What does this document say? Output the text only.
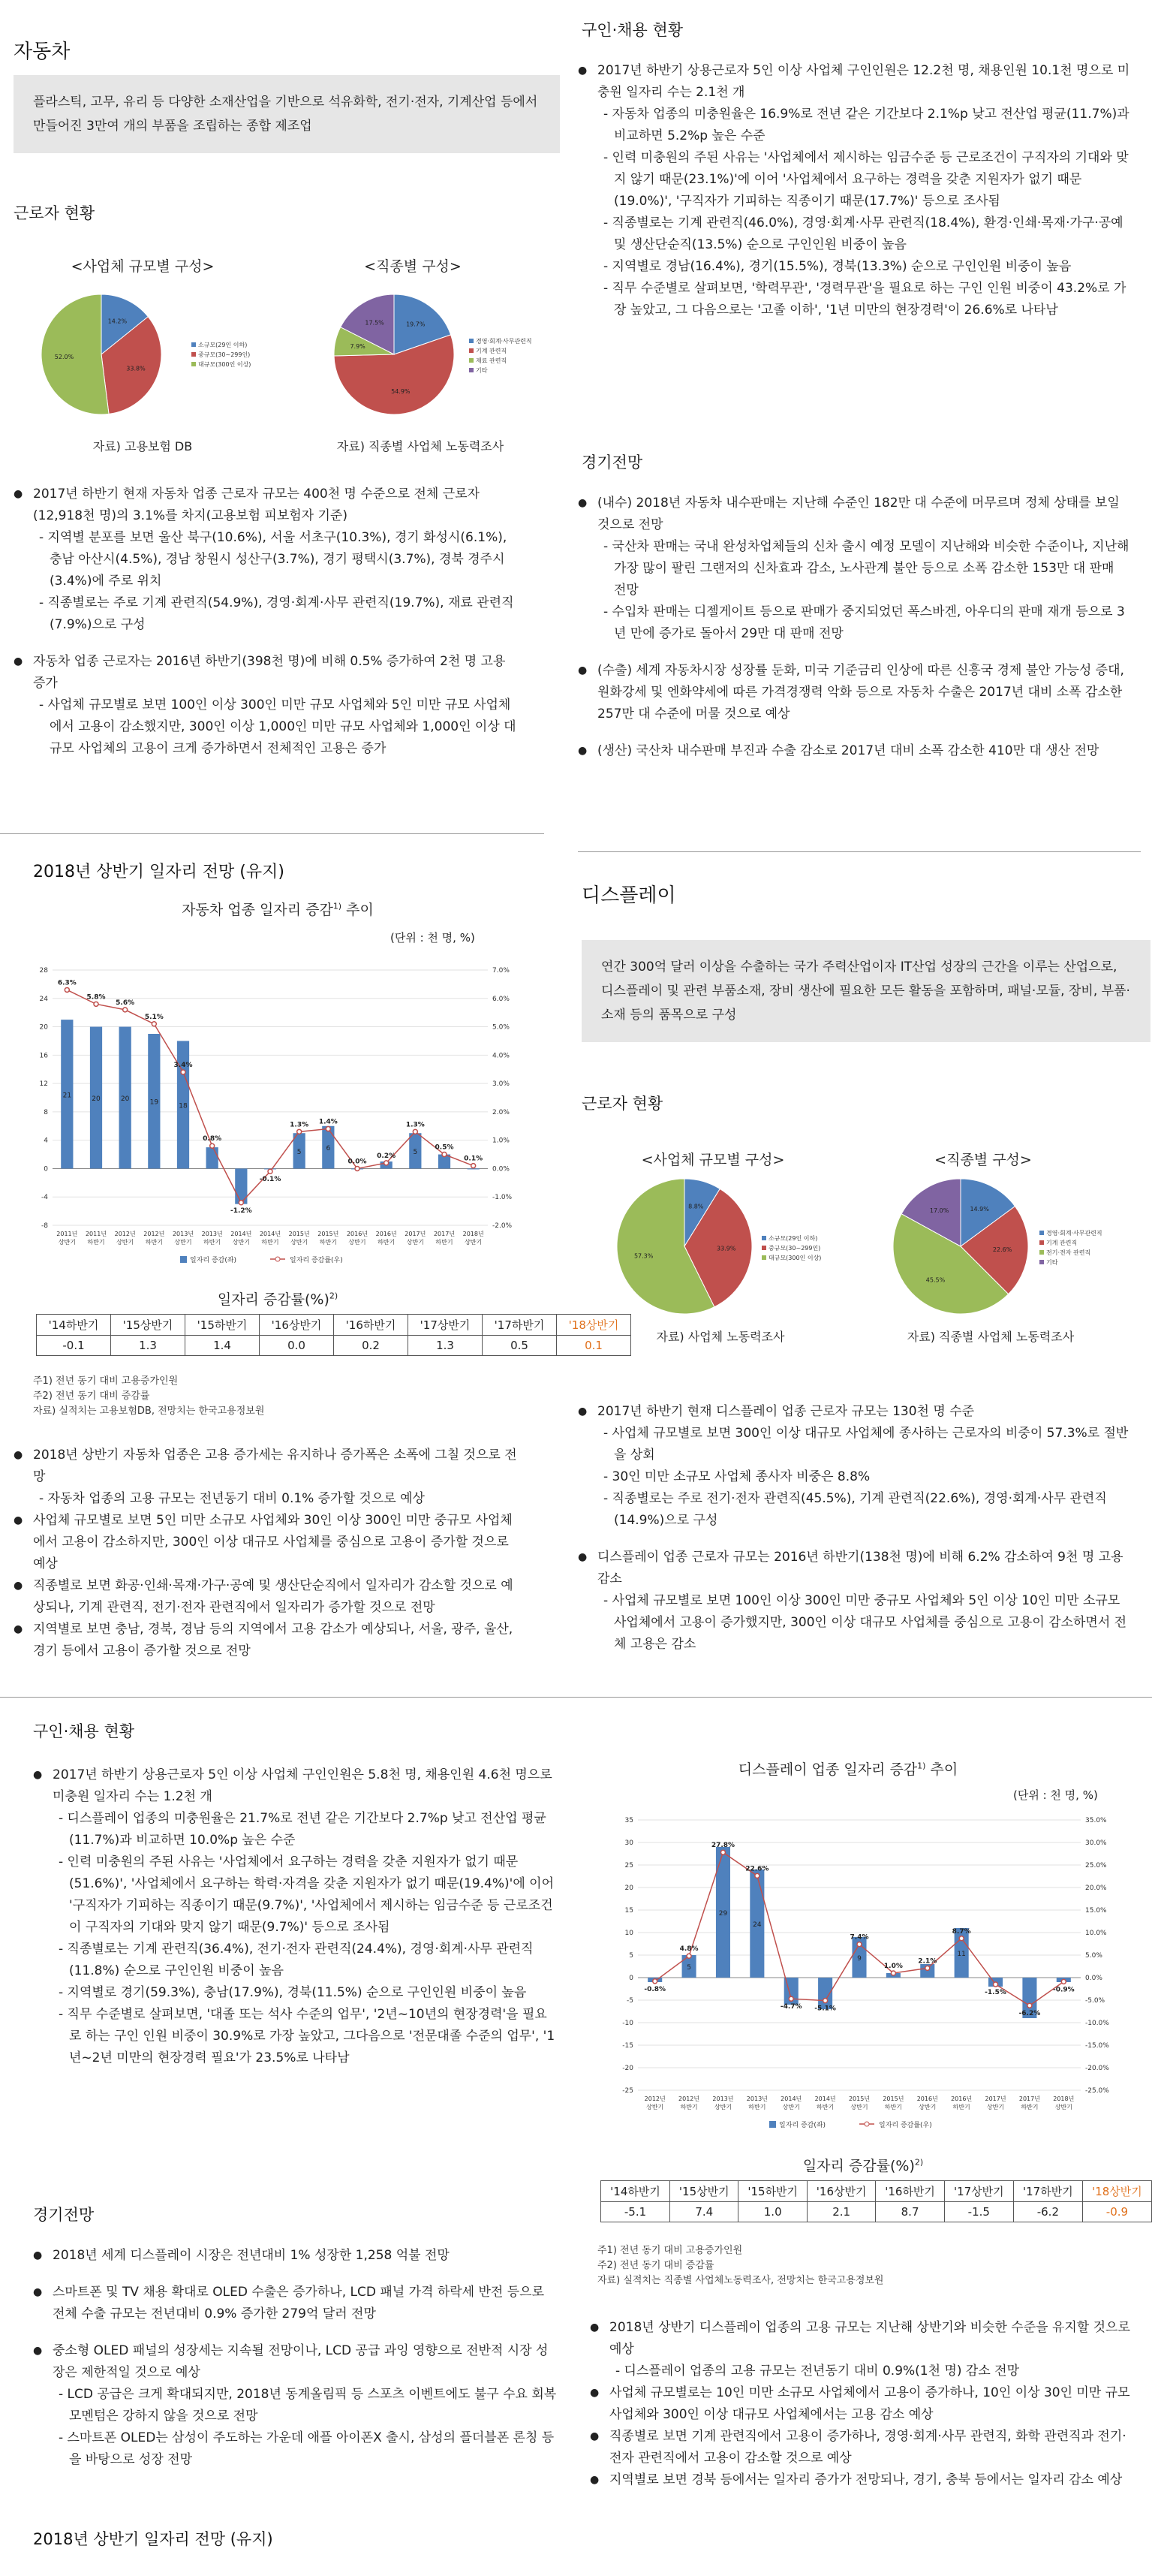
자동차
플라스틱, 고무, 유리 등 다양한 소재산업을 기반으로 석유화학, 전기·전자, 기계산업 등에서 만들어진 3만여 개의 부품을 조립하는 종합 제조업
근로자 현황
<사업체 규모별 구성>
14.2%
소규모(29인 이하)
33.8%
중규모(30~299인)
52.0%
대규모(300인 이상)
자료) 고용보험 DB
<직종별 구성>
19.7%
경영·회계·사무관련직
54.9%
기계 관련직
7.9%
재료 관련직
17.5%
기타
자료) 직종별 사업체 노동력조사
● 2017년 하반기 현재 자동차 업종 근로자 규모는 400천 명 수준으로 전체 근로자(12,918천 명)의 3.1%를 차지(고용보험 피보험자 기준)
- 지역별 분포를 보면 울산 북구(10.6%), 서울 서초구(10.3%), 경기 화성시(6.1%), 충남 아산시(4.5%), 경남 창원시 성산구(3.7%), 경기 평택시(3.7%), 경북 경주시(3.4%)에 주로 위치
- 직종별로는 주로 기계 관련직(54.9%), 경영·회계·사무 관련직(19.7%), 재료 관련직(7.9%)으로 구성
● 자동차 업종 근로자는 2016년 하반기(398천 명)에 비해 0.5% 증가하여 2천 명 고용 증가
- 사업체 규모별로 보면 100인 이상 300인 미만 규모 사업체와 5인 미만 규모 사업체에서 고용이 감소했지만, 300인 이상 1,000인 미만 규모 사업체와 1,000인 이상 대규모 사업체의 고용이 크게 증가하면서 전체적인 고용은 증가
2018년 상반기 일자리 전망 (유지)
자동차 업종 일자리 증감$^{1)}$ 추이
(단위 : 천 명, %)
-8
-4
0
4
8
12
16
20
24
28
-2.0%
-1.0%
0.0%
1.0%
2.0%
3.0%
4.0%
5.0%
6.0%
7.0%
21
2011년
상반기
20
2011년
하반기
20
2012년
상반기
19
2012년
하반기
18
2013년
상반기
2013년
하반기
2014년
상반기
2014년
하반기
5
2015년
상반기
6
2015년
하반기
2016년
상반기
2016년
하반기
5
2017년
상반기
2017년
하반기
2018년
상반기
6.3%
5.8%
5.6%
5.1%
3.4%
0.8%
-1.2%
-0.1%
1.3% 1.4%
0.0%
0.2%
1.3%
0.5%
0.1%
일자리 증감(좌)	일자리 증감률(우)
일자리 증감률(%)$^{2)}$
'14하반기	'15상반기	'15하반기	'16상반기	'16하반기	'17상반기	'17하반기	'18상반기
-0.1	1.3	1.4	0.0	0.2	1.3	0.5	0.1
주1) 전년 동기 대비 고용증가인원
주2) 전년 동기 대비 증감률
자료) 실적치는 고용보험DB, 전망치는 한국고용정보원
● 2018년 상반기 자동차 업종은 고용 증가세는 유지하나 증가폭은 소폭에 그칠 것으로 전망
- 자동차 업종의 고용 규모는 전년동기 대비 0.1% 증가할 것으로 예상
● 사업체 규모별로 보면 5인 미만 소규모 사업체와 30인 이상 300인 미만 중규모 사업체에서 고용이 감소하지만, 300인 이상 대규모 사업체를 중심으로 고용이 증가할 것으로 예상
● 직종별로 보면 화공·인쇄·목재·가구·공예 및 생산단순직에서 일자리가 감소할 것으로 예상되나, 기계 관련직, 전기·전자 관련직에서 일자리가 증가할 것으로 전망
● 지역별로 보면 충남, 경북, 경남 등의 지역에서 고용 감소가 예상되나, 서울, 광주, 울산, 경기 등에서 고용이 증가할 것으로 전망
구인·채용 현황
● 2017년 하반기 상용근로자 5인 이상 사업체 구인인원은 12.2천 명, 채용인원 10.1천 명으로 미충원 일자리 수는 2.1천 개
- 자동차 업종의 미충원율은 16.9%로 전년 같은 기간보다 2.1%p 낮고 전산업 평균(11.7%)과 비교하면 5.2%p 높은 수준
- 인력 미충원의 주된 사유는 '사업체에서 제시하는 임금수준 등 근로조건이 구직자의 기대와 맞지 않기 때문(23.1%)'에 이어 '사업체에서 요구하는 경력을 갖춘 지원자가 없기 때문(19.0%)', '구직자가 기피하는 직종이기 때문(17.7%)' 등으로 조사됨
- 직종별로는 기계 관련직(46.0%), 경영·회계·사무 관련직(18.4%), 환경·인쇄·목재·가구·공예 및 생산단순직(13.5%) 순으로 구인인원 비중이 높음
- 지역별로 경남(16.4%), 경기(15.5%), 경북(13.3%) 순으로 구인인원 비중이 높음
- 직무 수준별로 살펴보면, '학력무관', '경력무관'을 필요로 하는 구인 인원 비중이 43.2%로 가장 높았고, 그 다음으로는 '고졸 이하', '1년 미만의 현장경력'이 26.6%로 나타남
경기전망
● (내수) 2018년 자동차 내수판매는 지난해 수준인 182만 대 수준에 머무르며 정체 상태를 보일 것으로 전망
- 국산차 판매는 국내 완성차업체들의 신차 출시 예정 모델이 지난해와 비슷한 수준이나, 지난해 가장 많이 팔린 그랜저의 신차효과 감소, 노사관계 불안 등으로 소폭 감소한 153만 대 판매 전망
- 수입차 판매는 디젤게이트 등으로 판매가 중지되었던 폭스바겐, 아우디의 판매 재개 등으로 3년 만에 증가로 돌아서 29만 대 판매 전망
● (수출) 세계 자동차시장 성장률 둔화, 미국 기준금리 인상에 따른 신흥국 경제 불안 가능성 증대, 원화강세 및 엔화약세에 따른 가격경쟁력 악화 등으로 자동차 수출은 2017년 대비 소폭 감소한 257만 대 수준에 머물 것으로 예상
● (생산) 국산차 내수판매 부진과 수출 감소로 2017년 대비 소폭 감소한 410만 대 생산 전망
디스플레이
연간 300억 달러 이상을 수출하는 국가 주력산업이자 IT산업 성장의 근간을 이루는 산업으로, 디스플레이 및 관련 부품소재, 장비 생산에 필요한 모든 활동을 포함하며, 패널·모듈, 장비, 부품·소재 등의 품목으로 구성
근로자 현황
<사업체 규모별 구성>
8.8%
소규모(29인 이하)
33.9%	중규모(30~299인)
57.3%	대규모(300인 이상)
자료) 사업체 노동력조사
<직종별 구성>
14.9%
경영·회계·사무관련직
22.6%
기계 관련직
45.5%
전기·전자 관련직
17.0%
기타
자료) 직종별 사업체 노동력조사
● 2017년 하반기 현재 디스플레이 업종 근로자 규모는 130천 명 수준
- 사업체 규모별로 보면 300인 이상 대규모 사업체에 종사하는 근로자의 비중이 57.3%로 절반을 상회
- 30인 미만 소규모 사업체 종사자 비중은 8.8%
- 직종별로는 주로 전기·전자 관련직(45.5%), 기계 관련직(22.6%), 경영·회계·사무 관련직(14.9%)으로 구성
● 디스플레이 업종 근로자 규모는 2016년 하반기(138천 명)에 비해 6.2% 감소하여 9천 명 고용 감소
- 사업체 규모별로 보면 100인 이상 300인 미만 중규모 사업체와 5인 이상 10인 미만 소규모 사업체에서 고용이 증가했지만, 300인 이상 대규모 사업체를 중심으로 고용이 감소하면서 전체 고용은 감소
구인·채용 현황
● 2017년 하반기 상용근로자 5인 이상 사업체 구인인원은 5.8천 명, 채용인원 4.6천 명으로 미충원 일자리 수는 1.2천 개
- 디스플레이 업종의 미충원율은 21.7%로 전년 같은 기간보다 2.7%p 낮고 전산업 평균(11.7%)과 비교하면 10.0%p 높은 수준
- 인력 미충원의 주된 사유는 '사업체에서 요구하는 경력을 갖춘 지원자가 없기 때문(51.6%)', '사업체에서 요구하는 학력·자격을 갖춘 지원자가 없기 때문(19.4%)'에 이어 '구직자가 기피하는 직종이기 때문(9.7%)', '사업체에서 제시하는 임금수준 등 근로조건이 구직자의 기대와 맞지 않기 때문(9.7%)' 등으로 조사됨
- 직종별로는 기계 관련직(36.4%), 전기·전자 관련직(24.4%), 경영·회계·사무 관련직(11.8%) 순으로 구인인원 비중이 높음
- 지역별로 경기(59.3%), 충남(17.9%), 경북(11.5%) 순으로 구인인원 비중이 높음
- 직무 수준별로 살펴보면, '대졸 또는 석사 수준의 업무', '2년~10년의 현장경력'을 필요로 하는 구인 인원 비중이 30.9%로 가장 높았고, 그다음으로 '전문대졸 수준의 업무', '1년~2년 미만의 현장경력 필요'가 23.5%로 나타남
경기전망
● 2018년 세계 디스플레이 시장은 전년대비 1% 성장한 1,258 억불 전망
● 스마트폰 및 TV 채용 확대로 OLED 수출은 증가하나, LCD 패널 가격 하락세 반전 등으로 전체 수출 규모는 전년대비 0.9% 증가한 279억 달러 전망
● 중소형 OLED 패널의 성장세는 지속될 전망이나, LCD 공급 과잉 영향으로 전반적 시장 성장은 제한적일 것으로 예상
- LCD 공급은 크게 확대되지만, 2018년 동계올림픽 등 스포츠 이벤트에도 불구 수요 회복 모멘텀은 강하지 않을 것으로 전망
- 스마트폰 OLED는 삼성이 주도하는 가운데 애플 아이폰X 출시, 삼성의 플더블폰 론칭 등을 바탕으로 성장 전망
2018년 상반기 일자리 전망 (유지)
디스플레이 업종 일자리 증감$^{1)}$ 추이
(단위 : 천 명, %)
-25
-20
-15
-10
-5
0
5
10
15
20
25
30
35
-25.0%
-20.0%
-15.0%
-10.0%
-5.0%
0.0%
5.0%
10.0%
15.0%
20.0%
25.0%
30.0%
35.0%
2012년
상반기
5
2012년
하반기
29
2013년
상반기
24
2013년
하반기
2014년
상반기
2014년
하반기
9
2015년
상반기
2015년
하반기
2016년
상반기
11
2016년
하반기
2017년
상반기
2017년
하반기
2018년
상반기
-0.8%
4.8%
27.8%
22.6%
-4.7% -5.1%
7.4%
1.0%
2.1%
8.7%
-1.5%
-6.2%
-0.9%
일자리 증감(좌)	일자리 증감률(우)
일자리 증감률(%)$^{2)}$
'14하반기	'15상반기	'15하반기	'16상반기	'16하반기	'17상반기	'17하반기	'18상반기
-5.1	7.4	1.0	2.1	8.7	-1.5	-6.2	-0.9
주1) 전년 동기 대비 고용증가인원
주2) 전년 동기 대비 증감률
자료) 실적치는 직종별 사업체노동력조사, 전망치는 한국고용정보원
● 2018년 상반기 디스플레이 업종의 고용 규모는 지난해 상반기와 비슷한 수준을 유지할 것으로 예상
- 디스플레이 업종의 고용 규모는 전년동기 대비 0.9%(1천 명) 감소 전망
● 사업체 규모별로는 10인 미만 소규모 사업체에서 고용이 증가하나, 10인 이상 30인 미만 규모 사업체와 300인 이상 대규모 사업체에서는 고용 감소 예상
● 직종별로 보면 기계 관련직에서 고용이 증가하나, 경영·회계·사무 관련직, 화학 관련직과 전기·전자 관련직에서 고용이 감소할 것으로 예상
● 지역별로 보면 경북 등에서는 일자리 증가가 전망되나, 경기, 충북 등에서는 일자리 감소 예상
